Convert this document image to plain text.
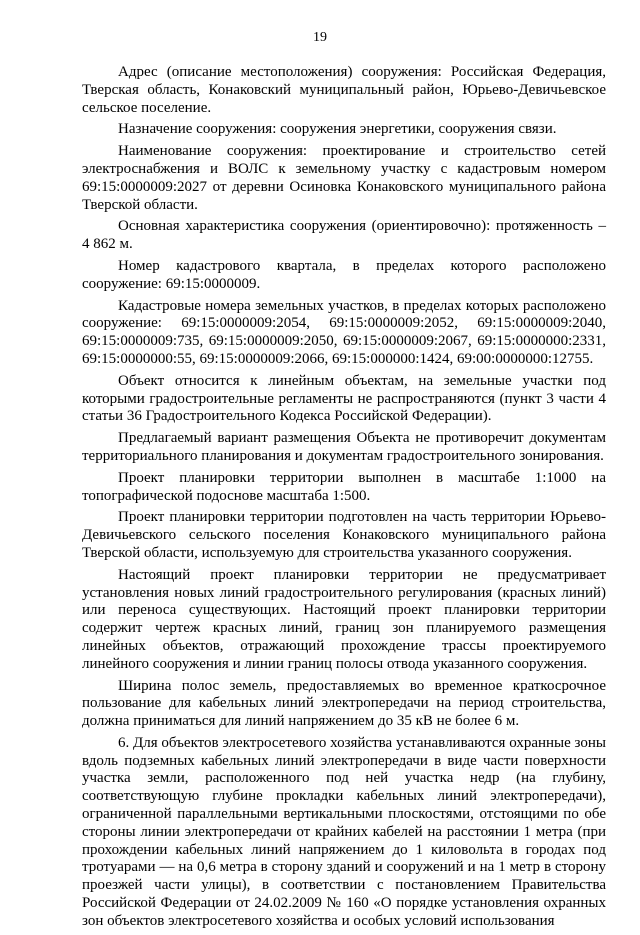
19

Адрес (описание местоположения) сооружения: Российская Федерация, Тверская область, Конаковский муниципальный район, Юрьево-Девичьевское сельское поселение.

Назначение сооружения: сооружения энергетики, сооружения связи.

Наименование сооружения: проектирование и строительство сетей электроснабжения и ВОЛС к земельному участку с кадастровым номером 69:15:0000009:2027 от деревни Осиновка Конаковского муниципального района Тверской области.

Основная характеристика сооружения (ориентировочно): протяженность – 4 862 м.

Номер кадастрового квартала, в пределах которого расположено сооружение: 69:15:0000009.

Кадастровые номера земельных участков, в пределах которых расположено сооружение: 69:15:0000009:2054, 69:15:0000009:2052, 69:15:0000009:2040, 69:15:0000009:735, 69:15:0000009:2050, 69:15:0000009:2067, 69:15:0000000:2331, 69:15:0000000:55, 69:15:0000009:2066, 69:15:000000:1424, 69:00:0000000:12755.

Объект относится к линейным объектам, на земельные участки под которыми градостроительные регламенты не распространяются (пункт 3 части 4 статьи 36 Градостроительного Кодекса Российской Федерации).

Предлагаемый вариант размещения Объекта не противоречит документам территориального планирования и документам градостроительного зонирования.

Проект планировки территории выполнен в масштабе 1:1000 на топографической подоснове масштаба 1:500.

Проект планировки территории подготовлен на часть территории Юрьево-Девичьевского сельского поселения Конаковского муниципального района Тверской области, используемую для строительства указанного сооружения.

Настоящий проект планировки территории не предусматривает установления новых линий градостроительного регулирования (красных линий) или переноса существующих. Настоящий проект планировки территории содержит чертеж красных линий, границ зон планируемого размещения линейных объектов, отражающий прохождение трассы проектируемого линейного сооружения и линии границ полосы отвода указанного сооружения.

Ширина полос земель, предоставляемых во временное краткосрочное пользование для кабельных линий электропередачи на период строительства, должна приниматься для линий напряжением до 35 кВ не более 6 м.

6. Для объектов электросетевого хозяйства устанавливаются охранные зоны вдоль подземных кабельных линий электропередачи в виде части поверхности участка земли, расположенного под ней участка недр (на глубину, соответствующую глубине прокладки кабельных линий электропередачи), ограниченной параллельными вертикальными плоскостями, отстоящими по обе стороны линии электропередачи от крайних кабелей на расстоянии 1 метра (при прохождении кабельных линий напряжением до 1 киловольта в городах под тротуарами — на 0,6 метра в сторону зданий и сооружений и на 1 метр в сторону проезжей части улицы), в соответствии с постановлением Правительства Российской Федерации от 24.02.2009 № 160 «О порядке установления охранных зон объектов электросетевого хозяйства и особых условий использования
